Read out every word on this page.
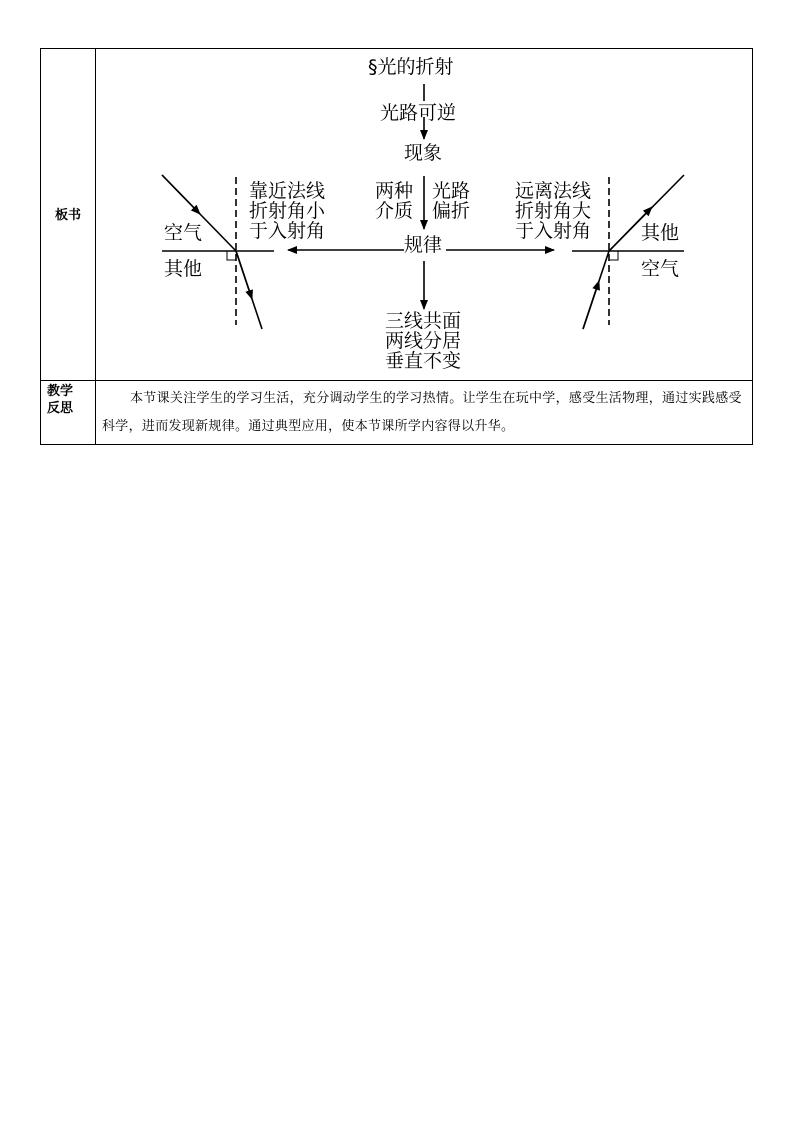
板书
§光的折射
光路可逆
现象
两种
介质
光路
偏折
规律
靠近法线
折射角小
于入射角
远离法线
折射角大
于入射角
三线共面
两线分居
垂直不变
空气
其他
其他
空气
教学
反思
本节课关注学生的学习生活，充分调动学生的学习热情。让学生在玩中学，感受生活物理，通过实践感受科学，进而发现新规律。通过典型应用，使本节课所学内容得以升华。
